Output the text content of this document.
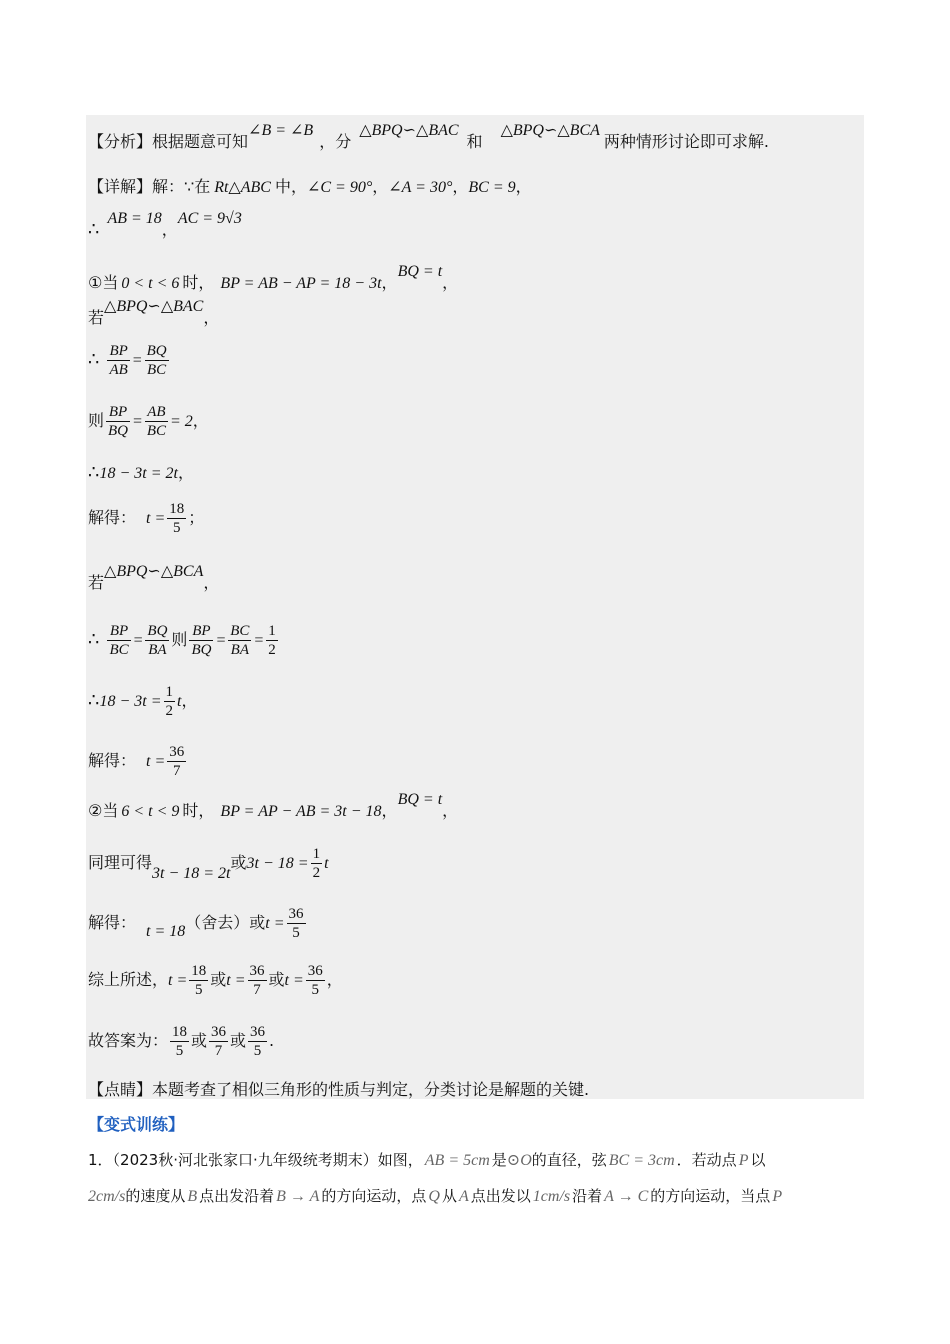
【分析】根据题意可知∠B = ∠B，分△BPQ∽△BAC和△BPQ∽△BCA两种情形讨论即可求解.
【详解】解：∵在 Rt△ABC 中，∠C = 90°，∠A = 30°，BC = 9，
∴AB = 18，AC = 9√3
①当 0 < t < 6 时， BP = AB − AP = 18 − 3t，BQ = t，
若△BPQ∽△BAC，
∴ $\frac{BP}{AB} = \frac{BQ}{BC}$
则 $\frac{BP}{BQ} = \frac{AB}{BC} = 2$，
∴18 − 3t = 2t，
解得： $t = \frac{18}{5}$ ；
若△BPQ∽△BCA，
∴ $\frac{BP}{BC} = \frac{BQ}{BA}$ 则 $\frac{BP}{BQ} = \frac{BC}{BA} = \frac{1}{2}$
∴18 − $3t = \frac{1}{2}$ t，
解得： $t = \frac{36}{7}$
②当 6 < t < 9 时， BP = AP − AB = 3t − 18，BQ = t，
同理可得3t − 18 = 2t或$3t - 18 = \frac{1}{2}$ t
解得： t = 18（舍去）或$t = \frac{36}{5}$
综上所述，$t = \frac{18}{5}$ 或$t = \frac{36}{7}$ 或$t = \frac{36}{5}$ ，
故答案为： $\frac{18}{5}$ 或 $\frac{36}{7}$ 或 $\frac{36}{5}$ .
【点睛】本题考查了相似三角形的性质与判定，分类讨论是解题的关键.
【变式训练】
1．（2023秋·河北张家口·九年级统考期末）如图， AB = 5cm 是⊙O的直径，弦 BC = 3cm ．若动点 P 以
2cm/s的速度从 B 点出发沿着 B → A 的方向运动，点 Q 从 A 点出发以 1cm/s 沿着 A → C 的方向运动，当点 P
